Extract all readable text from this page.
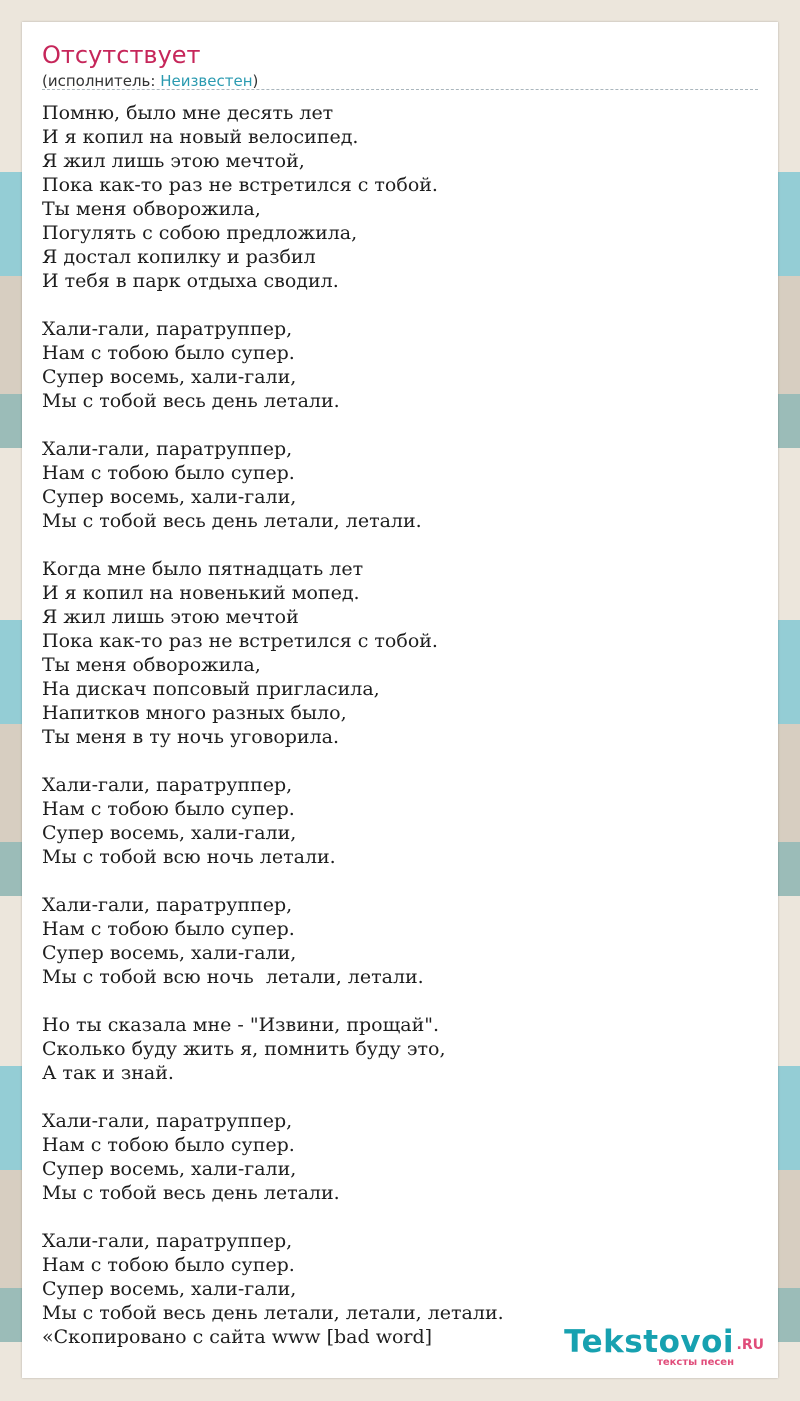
Отсутствует
(исполнитель: Неизвестен)
Помню, было мне десять лет
И я копил на новый велосипед.
Я жил лишь этою мечтой,
Пока как-то раз не встретился с тобой.
Ты меня обворожила,
Погулять с собою предложила,
Я достал копилку и разбил
И тебя в парк отдыха сводил.
Хали-гали, паратруппер,
Нам с тобою было супер.
Супер восемь, хали-гали,
Мы с тобой весь день летали.
Хали-гали, паратруппер,
Нам с тобою было супер.
Супер восемь, хали-гали,
Мы с тобой весь день летали, летали.
Когда мне было пятнадцать лет
И я копил на новенький мопед.
Я жил лишь этою мечтой
Пока как-то раз не встретился с тобой.
Ты меня обворожила,
На дискач попсовый пригласила,
Напитков много разных было,
Ты меня в ту ночь уговорила.
Хали-гали, паратруппер,
Нам с тобою было супер.
Супер восемь, хали-гали,
Мы с тобой всю ночь летали.
Хали-гали, паратруппер,
Нам с тобою было супер.
Супер восемь, хали-гали,
Мы с тобой всю ночь  летали, летали.
Но ты сказала мне - "Извини, прощай".
Сколько буду жить я, помнить буду это,
А так и знай.
Хали-гали, паратруппер,
Нам с тобою было супер.
Супер восемь, хали-гали,
Мы с тобой весь день летали.
Хали-гали, паратруппер,
Нам с тобою было супер.
Супер восемь, хали-гали,
Мы с тобой весь день летали, летали, летали.
«Скопировано с сайта www [bad word]	Tekstovoi .RU
тексты песен
